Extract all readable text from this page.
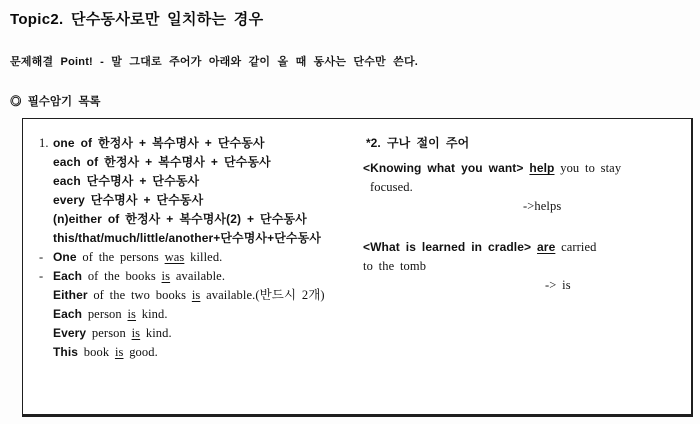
Topic2. 단수동사로만 일치하는 경우
문제해결 Point! - 말 그대로 주어가 아래와 같이 올 때 동사는 단수만 쓴다.
◎ 필수암기 목록
1. one of 한정사 + 복수명사 + 단수동사
each of 한정사 + 복수명사 + 단수동사
each 단수명사 + 단수동사
every 단수명사 + 단수동사
(n)either of 한정사 + 복수명사(2) + 단수동사
this/that/much/little/another+단수명사+단수동사
- One of the persons was killed.
- Each of the books is available.
Either of the two books is available.(반드시 2개)
Each person is kind.
Every person is kind.
This book is good.
*2. 구나 절이 주어
<Knowing what you want> help you to stay
focused.
->helps
<What is learned in cradle> are carried
to the tomb
-> is
